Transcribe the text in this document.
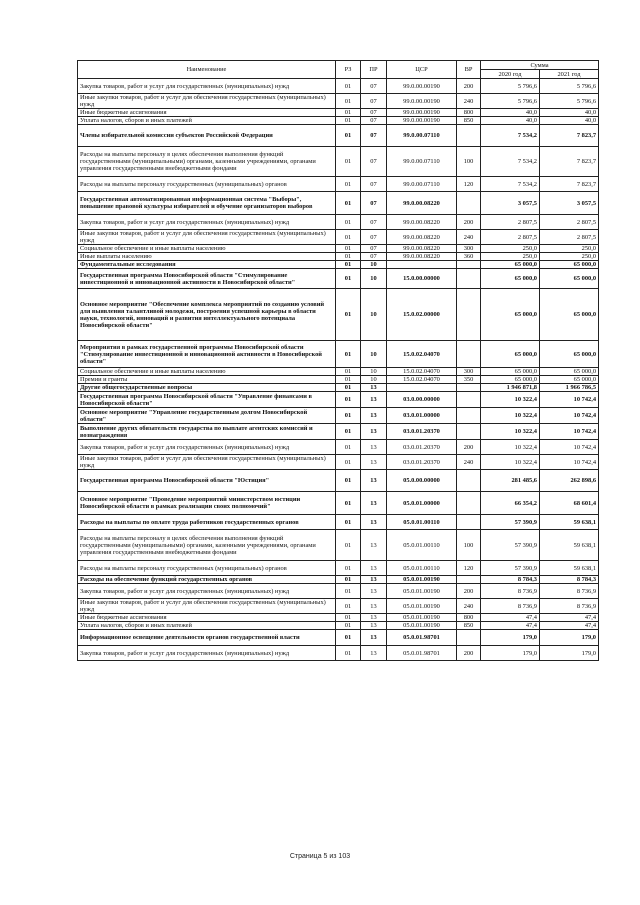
Наименование	РЗ	ПР	ЦСР	ВР	Сумма	
					2020 год	2021 год
Закупка товаров, работ и услуг для государственных (муниципальных) нужд	01	07	99.0.00.00190	200	5 796,6	5 796,6
Иные закупки товаров, работ и услуг для обеспечения государственных (муниципальных) нужд	01	07	99.0.00.00190	240	5 796,6	5 796,6
Иные бюджетные ассигнования	01	07	99.0.00.00190	800	40,0	40,0
Уплата налогов, сборов и иных платежей	01	07	99.0.00.00190	850	40,0	40,0
Члены избирательной комиссии субъектов Российской Федерации	01	07	99.0.00.07110		7 534,2	7 823,7
Расходы на выплаты персоналу в целях обеспечения выполнения функций государственными (муниципальными) органами, казенными учреждениями, органами управления государственными внебюджетными фондами	01	07	99.0.00.07110	100	7 534,2	7 823,7
Расходы на выплаты персоналу государственных (муниципальных) органов	01	07	99.0.00.07110	120	7 534,2	7 823,7
Государственная автоматизированная информационная система "Выборы", повышение правовой культуры избирателей и обучение организаторов выборов	01	07	99.0.00.08220		3 057,5	3 057,5
Закупка товаров, работ и услуг для государственных (муниципальных) нужд	01	07	99.0.00.08220	200	2 807,5	2 807,5
Иные закупки товаров, работ и услуг для обеспечения государственных (муниципальных) нужд	01	07	99.0.00.08220	240	2 807,5	2 807,5
Социальное обеспечение и иные выплаты населению	01	07	99.0.00.08220	300	250,0	250,0
Иные выплаты населению	01	07	99.0.00.08220	360	250,0	250,0
Фундаментальные исследования	01	10			65 000,0	65 000,0
Государственная программа Новосибирской области "Стимулирование инвестиционной и инновационной активности в Новосибирской области"	01	10	15.0.00.00000		65 000,0	65 000,0
Основное мероприятие "Обеспечение комплекса мероприятий по созданию условий для выявления талантливой молодежи, построения успешной карьеры в области науки, технологий, инноваций и развития интеллектуального потенциала Новосибирской области"	01	10	15.0.02.00000		65 000,0	65 000,0
Мероприятия в рамках государственной программы Новосибирской области "Стимулирование инвестиционной и инновационной активности в Новосибирской области"	01	10	15.0.02.04070		65 000,0	65 000,0
Социальное обеспечение и иные выплаты населению	01	10	15.0.02.04070	300	65 000,0	65 000,0
Премии и гранты	01	10	15.0.02.04070	350	65 000,0	65 000,0
Другие общегосударственные вопросы	01	13			1 946 871,8	1 966 786,5
Государственная программа Новосибирской области "Управление финансами в Новосибирской области"	01	13	03.0.00.00000		10 322,4	10 742,4
Основное мероприятие "Управление государственным долгом Новосибирской области"	01	13	03.0.01.00000		10 322,4	10 742,4
Выполнение других обязательств государства по выплате агентских комиссий и вознаграждения	01	13	03.0.01.20370		10 322,4	10 742,4
Закупка товаров, работ и услуг для государственных (муниципальных) нужд	01	13	03.0.01.20370	200	10 322,4	10 742,4
Иные закупки товаров, работ и услуг для обеспечения государственных (муниципальных) нужд	01	13	03.0.01.20370	240	10 322,4	10 742,4
Государственная программа Новосибирской области "Юстиция"	01	13	05.0.00.00000		281 485,6	262 898,6
Основное мероприятие "Проведение мероприятий министерством юстиции Новосибирской области в рамках реализации своих полномочий"	01	13	05.0.01.00000		66 354,2	68 601,4
Расходы на выплаты по оплате труда работников государственных органов	01	13	05.0.01.00110		57 390,9	59 638,1
Расходы на выплаты персоналу в целях обеспечения выполнения функций государственными (муниципальными) органами, казенными учреждениями, органами управления государственными внебюджетными фондами	01	13	05.0.01.00110	100	57 390,9	59 638,1
Расходы на выплаты персоналу государственных (муниципальных) органов	01	13	05.0.01.00110	120	57 390,9	59 638,1
Расходы на обеспечение функций государственных органов	01	13	05.0.01.00190		8 784,3	8 784,3
Закупка товаров, работ и услуг для государственных (муниципальных) нужд	01	13	05.0.01.00190	200	8 736,9	8 736,9
Иные закупки товаров, работ и услуг для обеспечения государственных (муниципальных) нужд	01	13	05.0.01.00190	240	8 736,9	8 736,9
Иные бюджетные ассигнования	01	13	05.0.01.00190	800	47,4	47,4
Уплата налогов, сборов и иных платежей	01	13	05.0.01.00190	850	47,4	47,4
Информационное освещение деятельности органов государственной власти	01	13	05.0.01.98701		179,0	179,0
Закупка товаров, работ и услуг для государственных (муниципальных) нужд	01	13	05.0.01.98701	200	179,0	179,0
Страница 5 из 103
